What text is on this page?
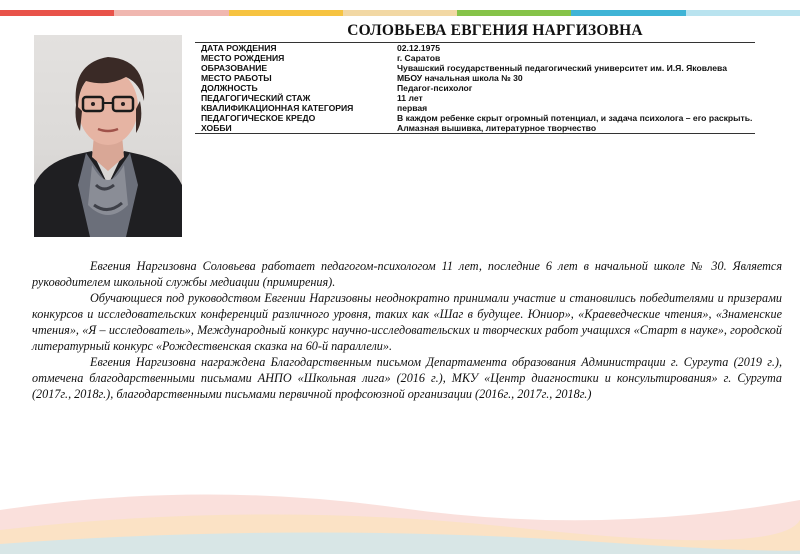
СОЛОВЬЕВА ЕВГЕНИЯ НАРГИЗОВНА
ДАТА РОЖДЕНИЯ	02.12.1975
МЕСТО РОЖДЕНИЯ	г. Саратов
ОБРАЗОВАНИЕ	Чувашский государственный педагогический университет им. И.Я. Яковлева
МЕСТО РАБОТЫ	МБОУ начальная школа № 30
ДОЛЖНОСТЬ	Педагог-психолог
ПЕДАГОГИЧЕСКИЙ СТАЖ	11 лет
КВАЛИФИКАЦИОННАЯ КАТЕГОРИЯ	первая
ПЕДАГОГИЧЕСКОЕ КРЕДО	В каждом ребенке скрыт огромный потенциал, и задача психолога – его раскрыть.
ХОББИ	Алмазная вышивка, литературное творчество

Евгения Наргизовна Соловьева работает педагогом-психологом 11 лет, последние 6 лет в начальной школе № 30. Является руководителем школьной службы медиации (примирения).

Обучающиеся под руководством Евгении Наргизовны неоднократно принимали участие и становились победителями и призерами конкурсов и исследовательских конференций различного уровня, таких как «Шаг в будущее. Юниор», «Краеведческие чтения», «Знаменские чтения», «Я – исследователь», Международный конкурс научно-исследовательских и творческих работ учащихся «Старт в науке», городской литературный конкурс «Рождественская сказка на 60-й параллели».

Евгения Наргизовна награждена Благодарственным письмом Департамента образования Администрации г. Сургута (2019 г.), отмечена благодарственными письмами АНПО «Школьная лига» (2016 г.), МКУ «Центр диагностики и консультирования» г. Сургута (2017г., 2018г.), благодарственными письмами первичной профсоюзной организации (2016г., 2017г., 2018г.)
